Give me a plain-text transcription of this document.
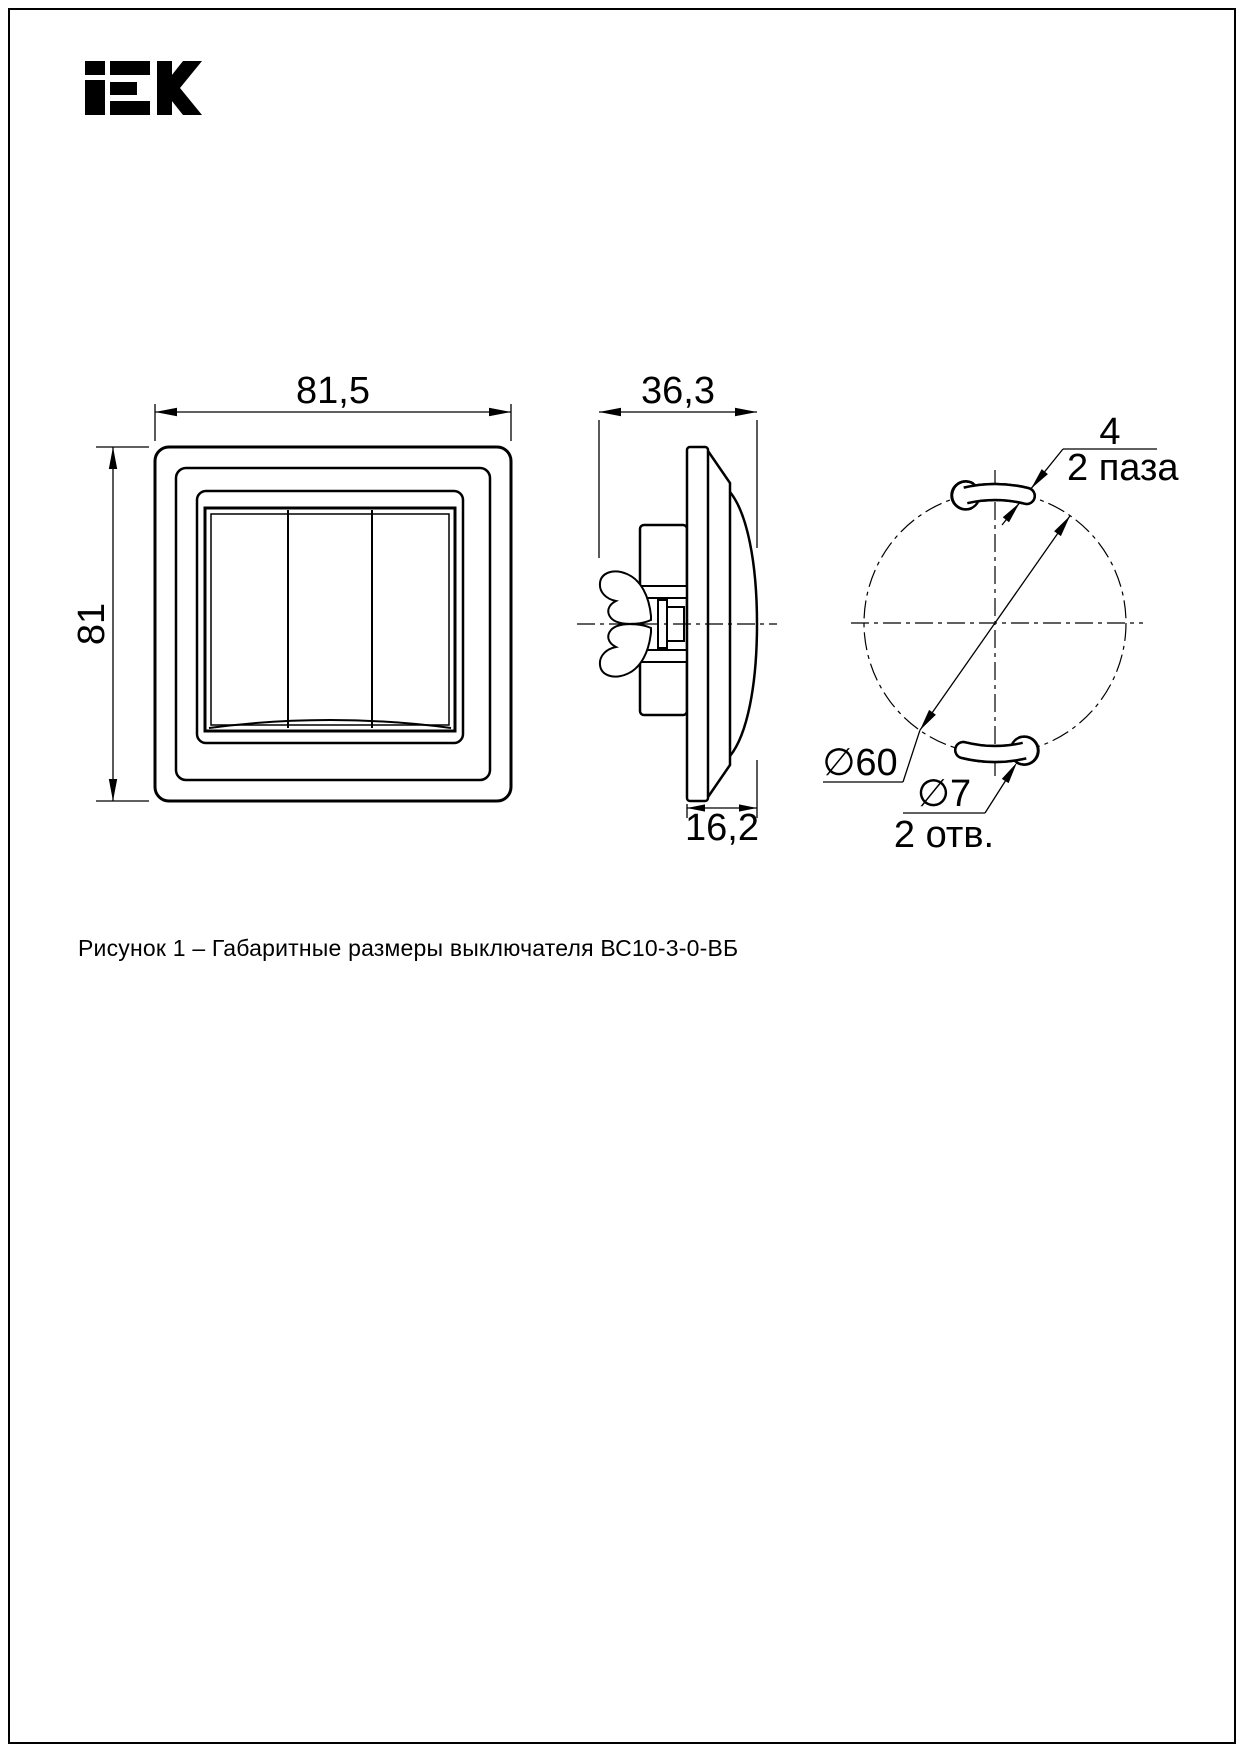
81,5
81
36,3
16,2
∅60
4
2 паза
∅7
2 отв.
Рисунок 1 – Габаритные размеры выключателя ВС10-3-0-ВБ
